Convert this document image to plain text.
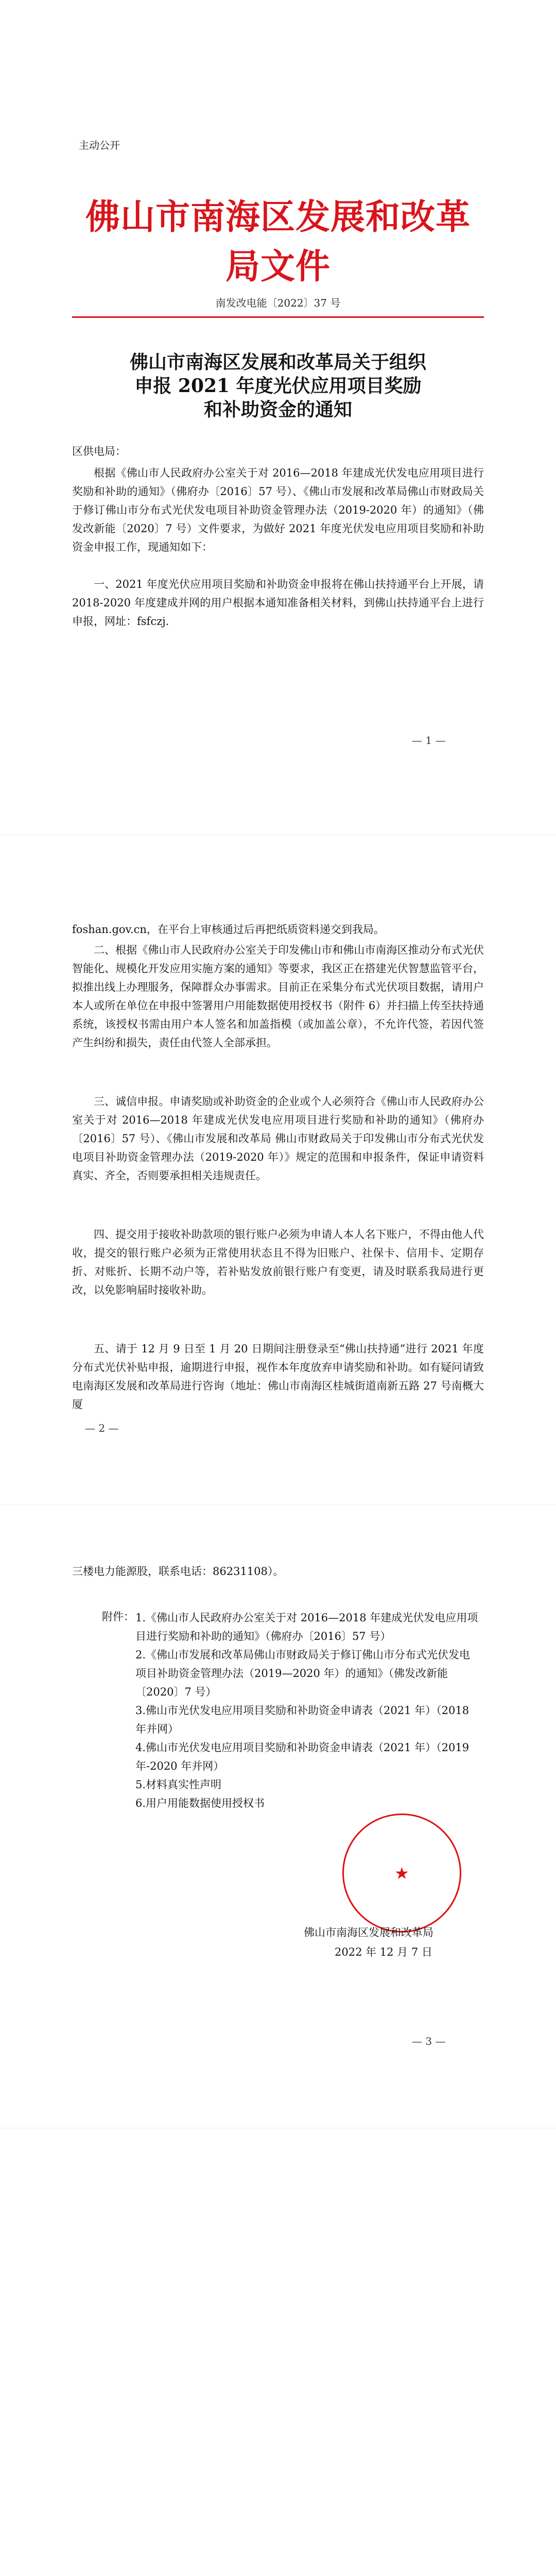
主动公开
佛山市南海区发展和改革局文件
南发改电能〔2022〕37 号
佛山市南海区发展和改革局关于组织
申报 2021 年度光伏应用项目奖励
和补助资金的通知
区供电局：
根据《佛山市人民政府办公室关于对 2016—2018 年建成光伏发电应用项目进行奖励和补助的通知》（佛府办〔2016〕57 号）、《佛山市发展和改革局佛山市财政局关于修订佛山市分布式光伏发电项目补助资金管理办法（2019-2020 年）的通知》（佛发改新能〔2020〕7 号）文件要求，为做好 2021 年度光伏发电应用项目奖励和补助资金申报工作，现通知如下：
一、2021 年度光伏应用项目奖励和补助资金申报将在佛山扶持通平台上开展，请 2018-2020 年度建成并网的用户根据本通知准备相关材料，到佛山扶持通平台上进行申报，网址：fsfczj.
— 1 —
foshan.gov.cn，在平台上审核通过后再把纸质资料递交到我局。
二、根据《佛山市人民政府办公室关于印发佛山市和佛山市南海区推动分布式光伏智能化、规模化开发应用实施方案的通知》等要求，我区正在搭建光伏智慧监管平台，拟推出线上办理服务，保障群众办事需求。目前正在采集分布式光伏项目数据，请用户本人或所在单位在申报中签署用户用能数据使用授权书（附件 6）并扫描上传至扶持通系统，该授权书需由用户本人签名和加盖指模（或加盖公章），不允许代签，若因代签产生纠纷和损失，责任由代签人全部承担。
三、诚信申报。申请奖励或补助资金的企业或个人必须符合《佛山市人民政府办公室关于对 2016—2018 年建成光伏发电应用项目进行奖励和补助的通知》（佛府办〔2016〕57 号）、《佛山市发展和改革局 佛山市财政局关于印发佛山市分布式光伏发电项目补助资金管理办法（2019-2020 年）》规定的范围和申报条件，保证申请资料真实、齐全，否则要承担相关违规责任。
四、提交用于接收补助款项的银行账户必须为申请人本人名下账户，不得由他人代收，提交的银行账户必须为正常使用状态且不得为旧账户、社保卡、信用卡、定期存折、对账折、长期不动户等，若补贴发放前银行账户有变更，请及时联系我局进行更改，以免影响届时接收补助。
五、请于 12 月 9 日至 1 月 20 日期间注册登录至“佛山扶持通”进行 2021 年度分布式光伏补贴申报，逾期进行申报，视作本年度放弃申请奖励和补助。如有疑问请致电南海区发展和改革局进行咨询（地址：佛山市南海区桂城街道南新五路 27 号南概大厦
— 2 —
三楼电力能源股，联系电话：86231108）。
附件： 1.《佛山市人民政府办公室关于对 2016—2018 年建成光伏发电应用项目进行奖励和补助的通知》（佛府办〔2016〕57 号）
2.《佛山市发展和改革局佛山市财政局关于修订佛山市分布式光伏发电项目补助资金管理办法（2019—2020 年）的通知》（佛发改新能〔2020〕7 号）
3.佛山市光伏发电应用项目奖励和补助资金申请表（2021 年）（2018 年并网）
4.佛山市光伏发电应用项目奖励和补助资金申请表（2021 年）（2019 年-2020 年并网）
5.材料真实性声明
6.用户用能数据使用授权书
★
佛山市南海区发展和改革局
2022 年 12 月 7 日
— 3 —
